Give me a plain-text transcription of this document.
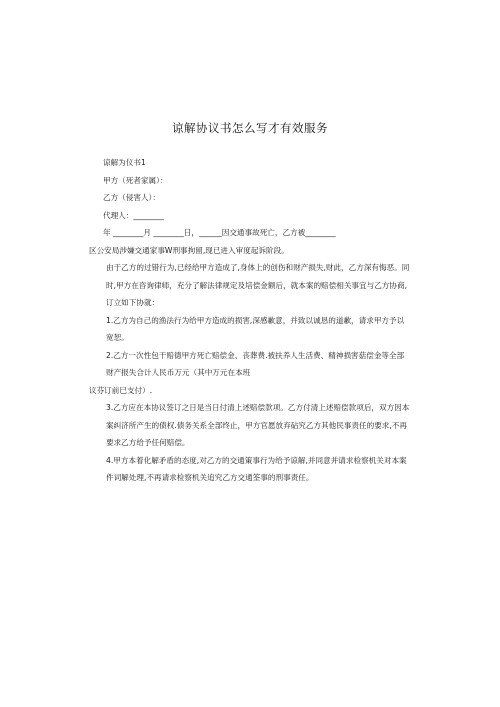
谅解协议书怎么写才有效服务

谅解为仪书1

甲方（死者家属）：

乙方（侵害人）：

代理人：________

年 ________月 ________日，______因交通事故死亡，乙方被________

区公安局涉嫌交通家事W刑事拘留,现已进入审度起诉阶段。

由于乙方的过错行为,已经给甲方造成了,身体上的创伤和财产损失,财此，乙方深有悔恶。同时,甲方在咨询律师，充分了解法律规定及培偿金额后，就本案的赔偿相关事宜与乙方协商,订立如下协就：

1.乙方为自己的渔法行为给甲方造成的损害,深感歉意，并致以诚恳的道歉，请求甲方予以宽恕。

2.乙方一次性包干赔德甲方死亡赔偿金、丧葬费.被扶养人生活费、精神损害菇偿金等全部财产报失合计人民币万元（其中万元在本班

议芬订前巳支付）.

3.乙方应在本协议签订之日是当日付清上述赔偿款项。乙方付清上述赔偿款项后，双方因本案纠济所产生的债权.债务关系全部终止，甲方官愿放弃砧究乙方其他民事责任的要求,不再要求乙方给予任何赔偿。

4.甲方本着化解矛盾的态度,对乙方的交通策事行为给予谅解,并同意并请求检察机关对本案件词解处理,不再请求检察机关追究乙方交通筌事的刑事责任。
